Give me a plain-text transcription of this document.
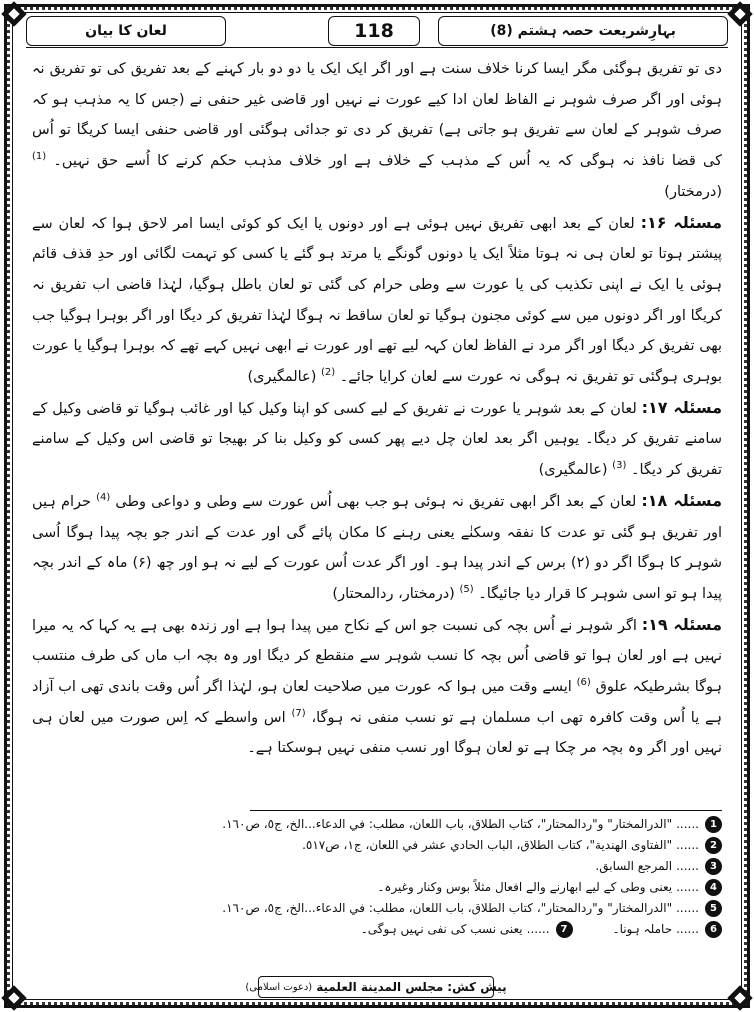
بہارِشریعت حصہ ہشتم (8)
118
لعان کا بیان

دی تو تفریق ہوگئی مگر ایسا کرنا خلاف سنت ہے اور اگر ایک ایک یا دو دو بار کہنے کے بعد تفریق کی تو تفریق نہ ہوئی اور اگر صرف شوہر نے الفاظ لعان ادا کیے عورت نے نہیں اور قاضی غیر حنفی نے (جس کا یہ مذہب ہو کہ صرف شوہر کے لعان سے تفریق ہو جاتی ہے) تفریق کر دی تو جدائی ہوگئی اور قاضی حنفی ایسا کریگا تو اُس کی قضا نافذ نہ ہوگی کہ یہ اُس کے مذہب کے خلاف ہے اور خلاف مذہب حکم کرنے کا اُسے حق نہیں۔ $^{(1)}$ (درمختار)

مسئلہ ۱۶: لعان کے بعد ابھی تفریق نہیں ہوئی ہے اور دونوں یا ایک کو کوئی ایسا امر لاحق ہوا کہ لعان سے پیشتر ہوتا تو لعان ہی نہ ہوتا مثلاً ایک یا دونوں گونگے یا مرتد ہو گئے یا کسی کو تہمت لگائی اور حدِ قذف قائم ہوئی یا ایک نے اپنی تکذیب کی یا عورت سے وطی حرام کی گئی تو لعان باطل ہوگیا، لہٰذا قاضی اب تفریق نہ کریگا اور اگر دونوں میں سے کوئی مجنون ہوگیا تو لعان ساقط نہ ہوگا لہٰذا تفریق کر دیگا اور اگر بوہرا ہوگیا جب بھی تفریق کر دیگا اور اگر مرد نے الفاظ لعان کہہ لیے تھے اور عورت نے ابھی نہیں کہے تھے کہ بوہرا ہوگیا یا عورت بوہری ہوگئی تو تفریق نہ ہوگی نہ عورت سے لعان کرایا جائے۔ $^{(2)}$ (عالمگیری)

مسئلہ ۱۷: لعان کے بعد شوہر یا عورت نے تفریق کے لیے کسی کو اپنا وکیل کیا اور غائب ہوگیا تو قاضی وکیل کے سامنے تفریق کر دیگا۔ یوہیں اگر بعد لعان چل دیے پھر کسی کو وکیل بنا کر بھیجا تو قاضی اس وکیل کے سامنے تفریق کر دیگا۔ $^{(3)}$ (عالمگیری)

مسئلہ ۱۸: لعان کے بعد اگر ابھی تفریق نہ ہوئی ہو جب بھی اُس عورت سے وطی و دواعی وطی $^{(4)}$ حرام ہیں اور تفریق ہو گئی تو عدت کا نفقہ وسکنٰے یعنی رہنے کا مکان پائے گی اور عدت کے اندر جو بچہ پیدا ہوگا اُسی شوہر کا ہوگا اگر دو (۲) برس کے اندر پیدا ہو۔ اور اگر عدت اُس عورت کے لیے نہ ہو اور چھ (۶) ماہ کے اندر بچہ پیدا ہو تو اسی شوہر کا قرار دیا جائیگا۔ $^{(5)}$ (درمختار، ردالمحتار)

مسئلہ ۱۹: اگر شوہر نے اُس بچہ کی نسبت جو اس کے نکاح میں پیدا ہوا ہے اور زندہ بھی ہے یہ کہا کہ یہ میرا نہیں ہے اور لعان ہوا تو قاضی اُس بچہ کا نسب شوہر سے منقطع کر دیگا اور وہ بچہ اب ماں کی طرف منتسب ہوگا بشرطیکہ علوق $^{(6)}$ ایسے وقت میں ہوا کہ عورت میں صلاحیت لعان ہو، لہٰذا اگر اُس وقت باندی تھی اب آزاد ہے یا اُس وقت کافرہ تھی اب مسلمان ہے تو نسب منفی نہ ہوگا، $^{(7)}$ اس واسطے کہ اِس صورت میں لعان ہی نہیں اور اگر وہ بچہ مر چکا ہے تو لعان ہوگا اور نسب منفی نہیں ہوسکتا ہے۔

1
......
"الدرالمختار" و"ردالمحتار"، كتاب الطلاق، باب اللعان، مطلب: في الدعاء...الخ، ج٥، ص١٦٠.
2
......
"الفتاوى الهندية"، كتاب الطلاق، الباب الحادي عشر في اللعان، ج١، ص٥١٧.
3
......
المرجع السابق.
4
......
یعنی وطی کے لیے ابھارنے والے افعال مثلاً بوس وکنار وغیرہ۔
5
......
"الدرالمختار" و"ردالمحتار"، كتاب الطلاق، باب اللعان، مطلب: في الدعاء...الخ، ج٥، ص١٦٠.
6
......
حاملہ ہونا۔
7
......
یعنی نسب کی نفی نہیں ہوگی۔
پیش کش:
مجلس المدينة العلمية
(دعوت اسلامی)
